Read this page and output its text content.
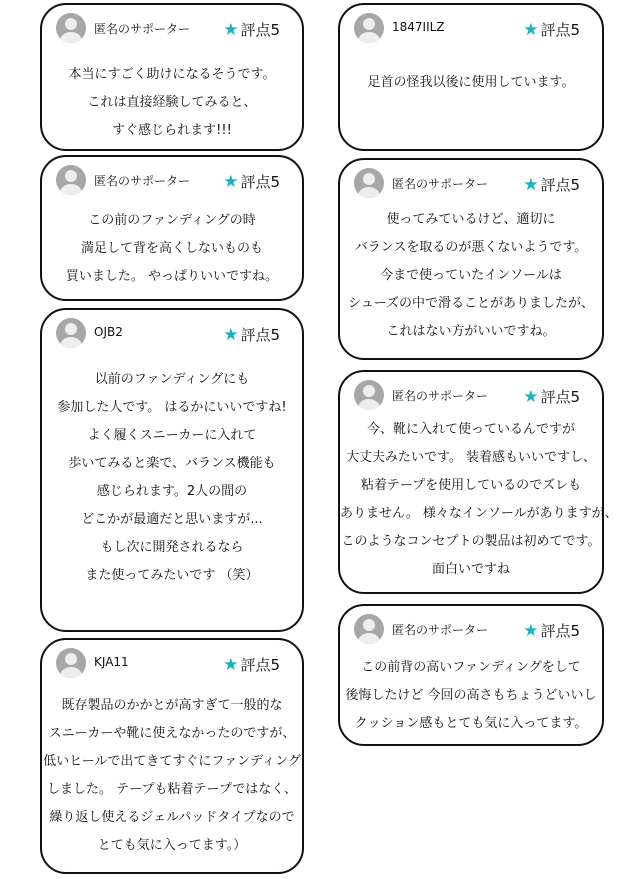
匿名のサポーター ★ 評点5
本当にすごく助けになるそうです。
これは直接経験してみると、
すぐ感じられます!!!
匿名のサポーター ★ 評点5
この前のファンディングの時
満足して背を高くしないものも
買いました。 やっぱりいいですね。
OJB2	★ 評点5
以前のファンディングにも
参加した人です。 はるかにいいですね!
よく履くスニーカーに入れて
歩いてみると楽で、バランス機能も
感じられます。2人の間の
どこかが最適だと思いますが...
もし次に開発されるなら
また使ってみたいです （笑）
KJA11	★ 評点5
既存製品のかかとが高すぎて一般的な
スニーカーや靴に使えなかったのですが、
低いヒールで出てきてすぐにファンディング
しました。 テープも粘着テープではなく、
繰り返し使えるジェルパッドタイプなので
とても気に入ってます。）
1847IILZ	★ 評点5
足首の怪我以後に使用しています。
匿名のサポーター ★ 評点5
使ってみているけど、適切に
バランスを取るのが悪くないようです。
今まで使っていたインソールは
シューズの中で滑ることがありましたが、
これはない方がいいですね。
匿名のサポーター ★ 評点5
今、靴に入れて使っているんですが
大丈夫みたいです。 装着感もいいですし、
粘着テープを使用しているのでズレも
ありません。 様々なインソールがありますが、
このようなコンセプトの製品は初めてです。
面白いですね
匿名のサポーター ★ 評点5
この前背の高いファンディングをして
後悔したけど 今回の高さもちょうどいいし
クッション感もとても気に入ってます。
